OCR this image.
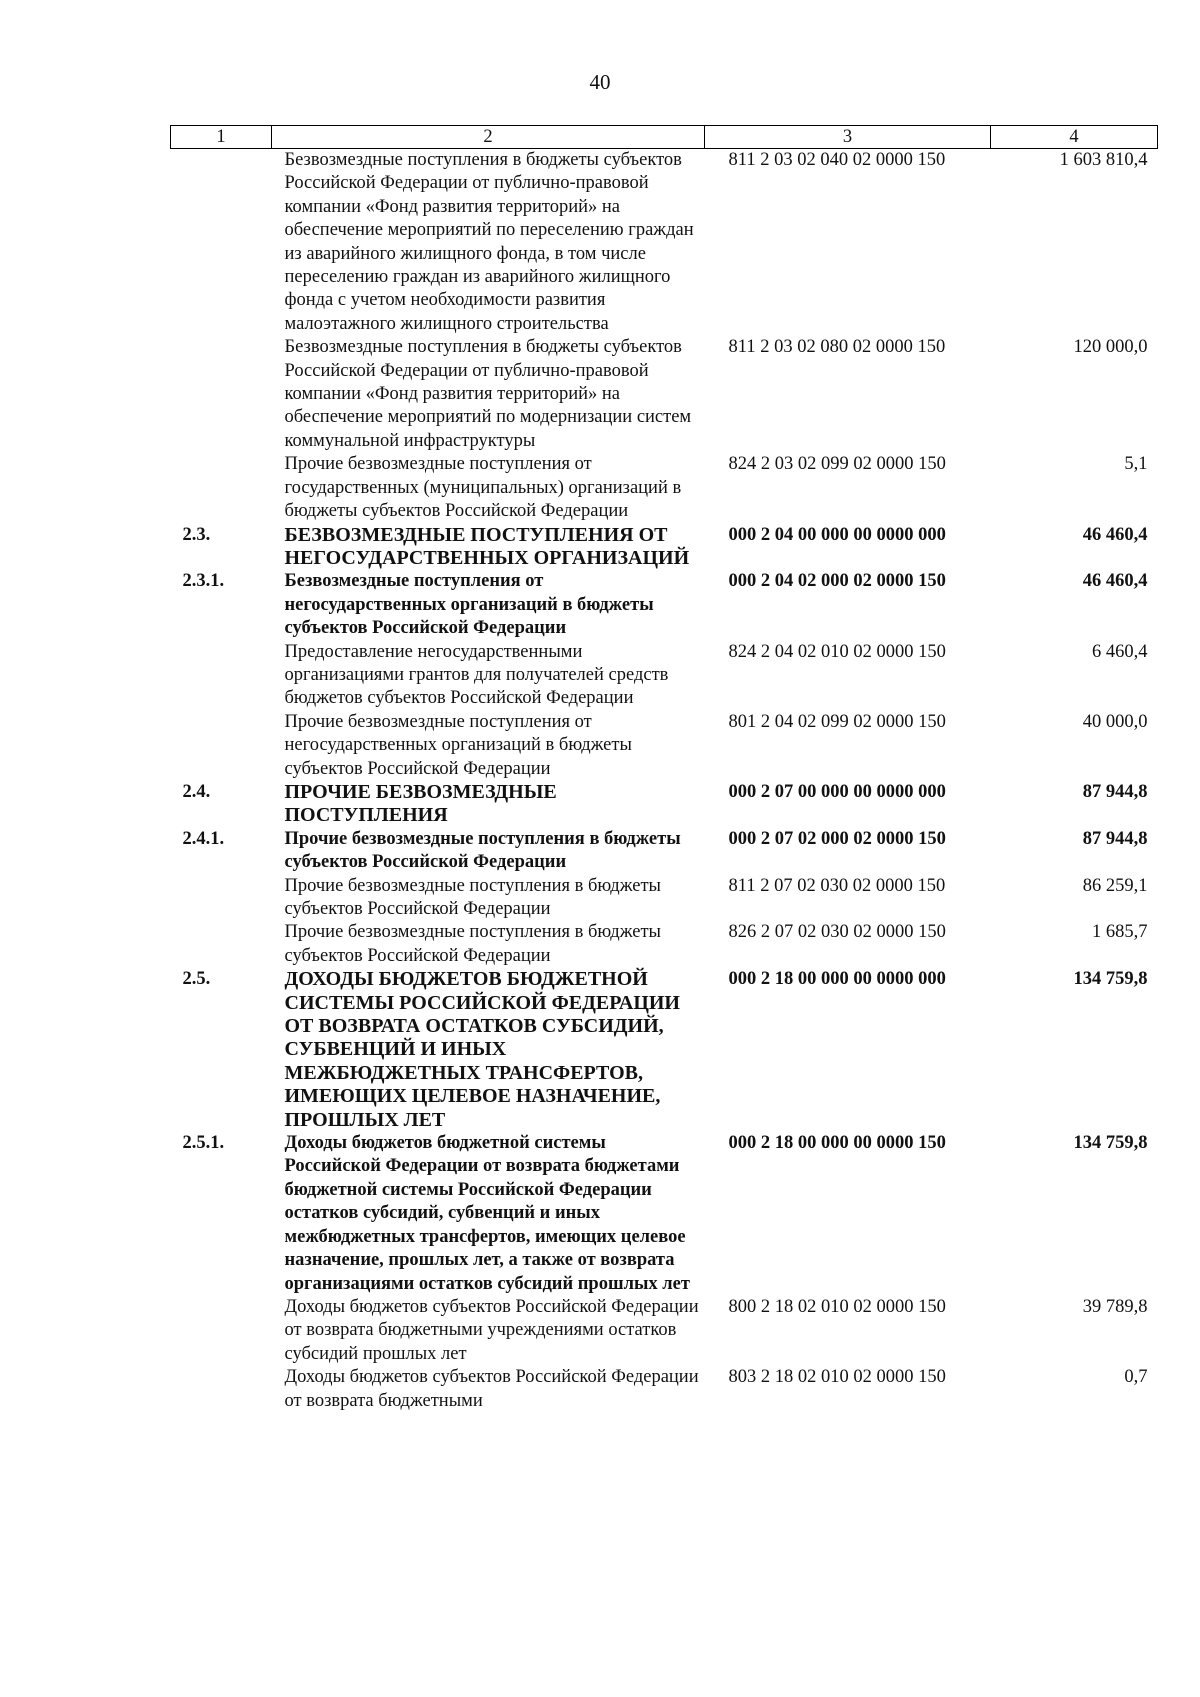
40
1	2	3	4
	Безвозмездные поступления в бюджеты субъектов Российской Федерации от публично-правовой компании «Фонд развития территорий» на обеспечение мероприятий по переселению граждан из аварийного жилищного фонда, в том числе переселению граждан из аварийного жилищного фонда с учетом необходимости развития малоэтажного жилищного строительства	811 2 03 02 040 02 0000 150	1 603 810,4
	Безвозмездные поступления в бюджеты субъектов Российской Федерации от публично-правовой компании «Фонд развития территорий» на обеспечение мероприятий по модернизации систем коммунальной инфраструктуры	811 2 03 02 080 02 0000 150	120 000,0
	Прочие безвозмездные поступления от государственных (муниципальных) организаций в бюджеты субъектов Российской Федерации	824 2 03 02 099 02 0000 150	5,1
2.3.	БЕЗВОЗМЕЗДНЫЕ ПОСТУПЛЕНИЯ ОТ НЕГОСУДАРСТВЕННЫХ ОРГАНИЗАЦИЙ	000 2 04 00 000 00 0000 000	46 460,4
2.3.1.	Безвозмездные поступления от негосударственных организаций в бюджеты субъектов Российской Федерации	000 2 04 02 000 02 0000 150	46 460,4
	Предоставление негосударственными организациями грантов для получателей средств бюджетов субъектов Российской Федерации	824 2 04 02 010 02 0000 150	6 460,4
	Прочие безвозмездные поступления от негосударственных организаций в бюджеты субъектов Российской Федерации	801 2 04 02 099 02 0000 150	40 000,0
2.4.	ПРОЧИЕ БЕЗВОЗМЕЗДНЫЕ ПОСТУПЛЕНИЯ	000 2 07 00 000 00 0000 000	87 944,8
2.4.1.	Прочие безвозмездные поступления в бюджеты субъектов Российской Федерации	000 2 07 02 000 02 0000 150	87 944,8
	Прочие безвозмездные поступления в бюджеты субъектов Российской Федерации	811 2 07 02 030 02 0000 150	86 259,1
	Прочие безвозмездные поступления в бюджеты субъектов Российской Федерации	826 2 07 02 030 02 0000 150	1 685,7
2.5.	ДОХОДЫ БЮДЖЕТОВ БЮДЖЕТНОЙ СИСТЕМЫ РОССИЙСКОЙ ФЕДЕРАЦИИ ОТ ВОЗВРАТА ОСТАТКОВ СУБСИДИЙ, СУБВЕНЦИЙ И ИНЫХ МЕЖБЮДЖЕТНЫХ ТРАНСФЕРТОВ, ИМЕЮЩИХ ЦЕЛЕВОЕ НАЗНАЧЕНИЕ, ПРОШЛЫХ ЛЕТ	000 2 18 00 000 00 0000 000	134 759,8
2.5.1.	Доходы бюджетов бюджетной системы Российской Федерации от возврата бюджетами бюджетной системы Российской Федерации остатков субсидий, субвенций и иных межбюджетных трансфертов, имеющих целевое назначение, прошлых лет, а также от возврата организациями остатков субсидий прошлых лет	000 2 18 00 000 00 0000 150	134 759,8
	Доходы бюджетов субъектов Российской Федерации от возврата бюджетными учреждениями остатков субсидий прошлых лет	800 2 18 02 010 02 0000 150	39 789,8
	Доходы бюджетов субъектов Российской Федерации от возврата бюджетными	803 2 18 02 010 02 0000 150	0,7
